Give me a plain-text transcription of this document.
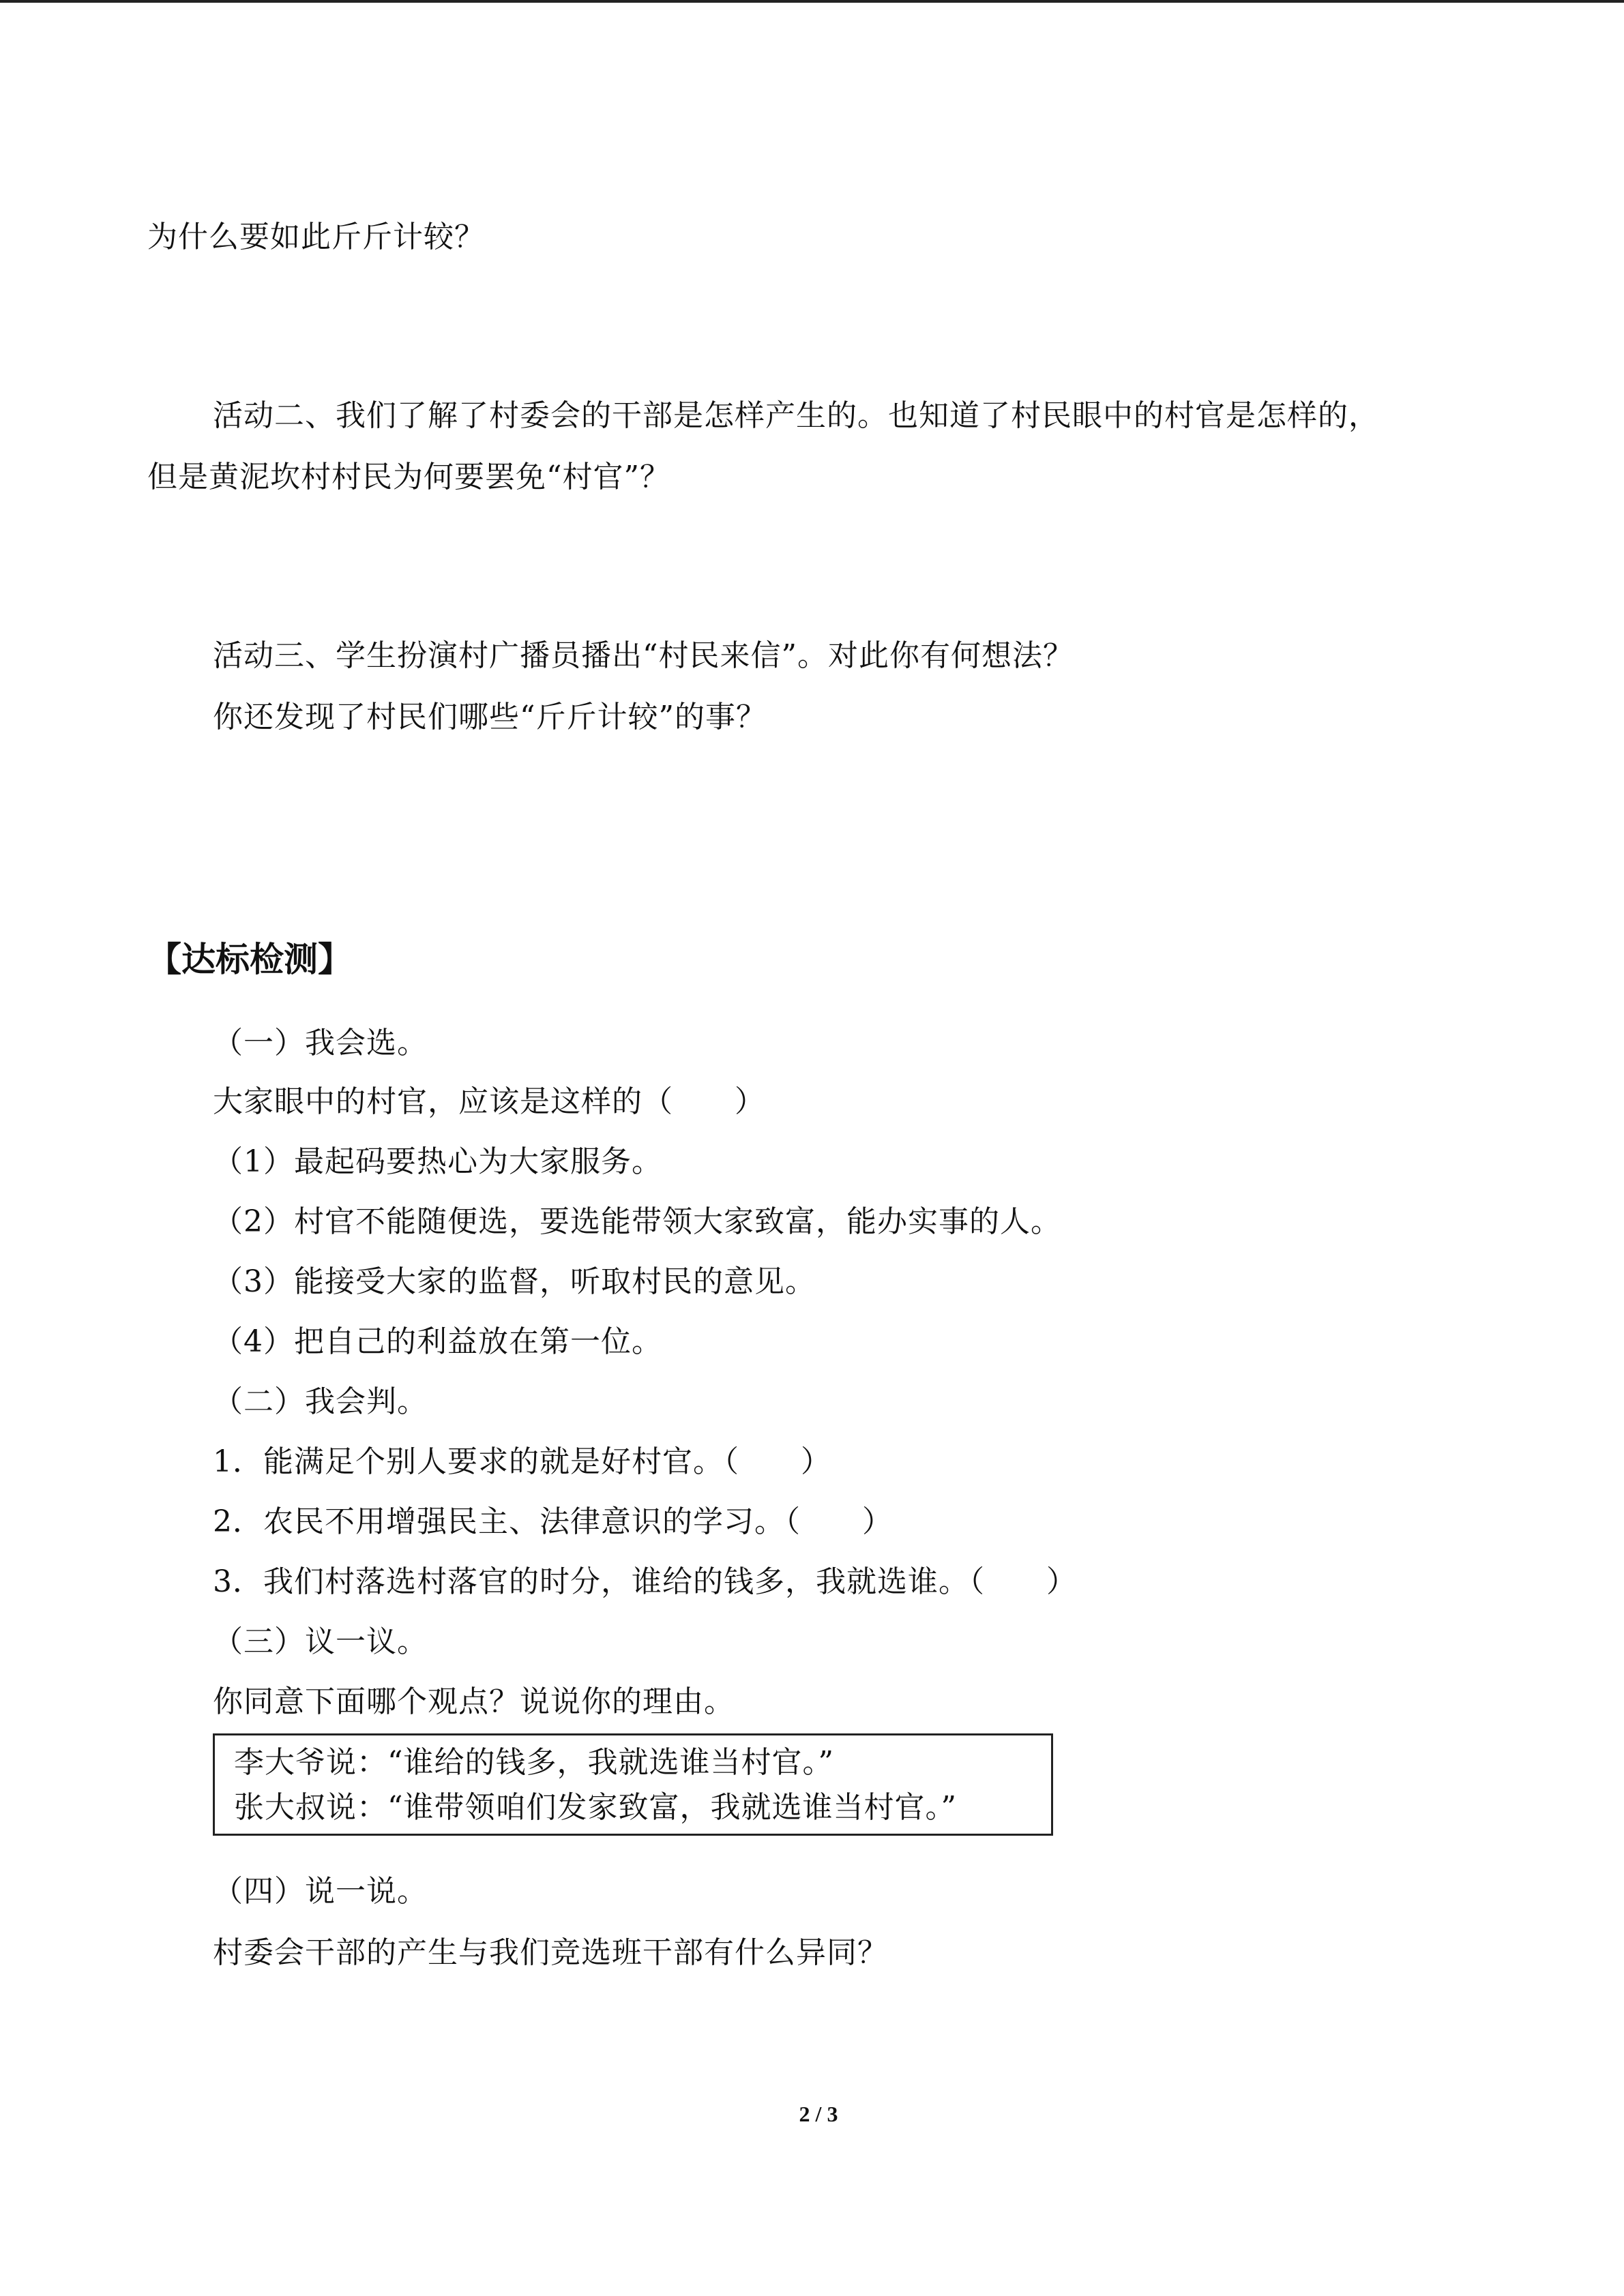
为什么要如此斤斤计较？
活动二、我们了解了村委会的干部是怎样产生的。也知道了村民眼中的村官是怎样的，
但是黄泥坎村村民为何要罢免“村官”？
活动三、学生扮演村广播员播出“村民来信”。对此你有何想法？
你还发现了村民们哪些“斤斤计较”的事？
【达标检测】
（一）我会选。
大家眼中的村官，应该是这样的（　　）
（1）最起码要热心为大家服务。
（2）村官不能随便选，要选能带领大家致富，能办实事的人。
（3）能接受大家的监督，听取村民的意见。
（4）把自己的利益放在第一位。
（二）我会判。
1．能满足个别人要求的就是好村官。（　　）
2．农民不用增强民主、法律意识的学习。（　　）
3．我们村落选村落官的时分，谁给的钱多，我就选谁。（　　）
（三）议一议。
你同意下面哪个观点？说说你的理由。
李大爷说：“谁给的钱多，我就选谁当村官。”
张大叔说：“谁带领咱们发家致富，我就选谁当村官。”
（四）说一说。
村委会干部的产生与我们竞选班干部有什么异同？
2 / 3
